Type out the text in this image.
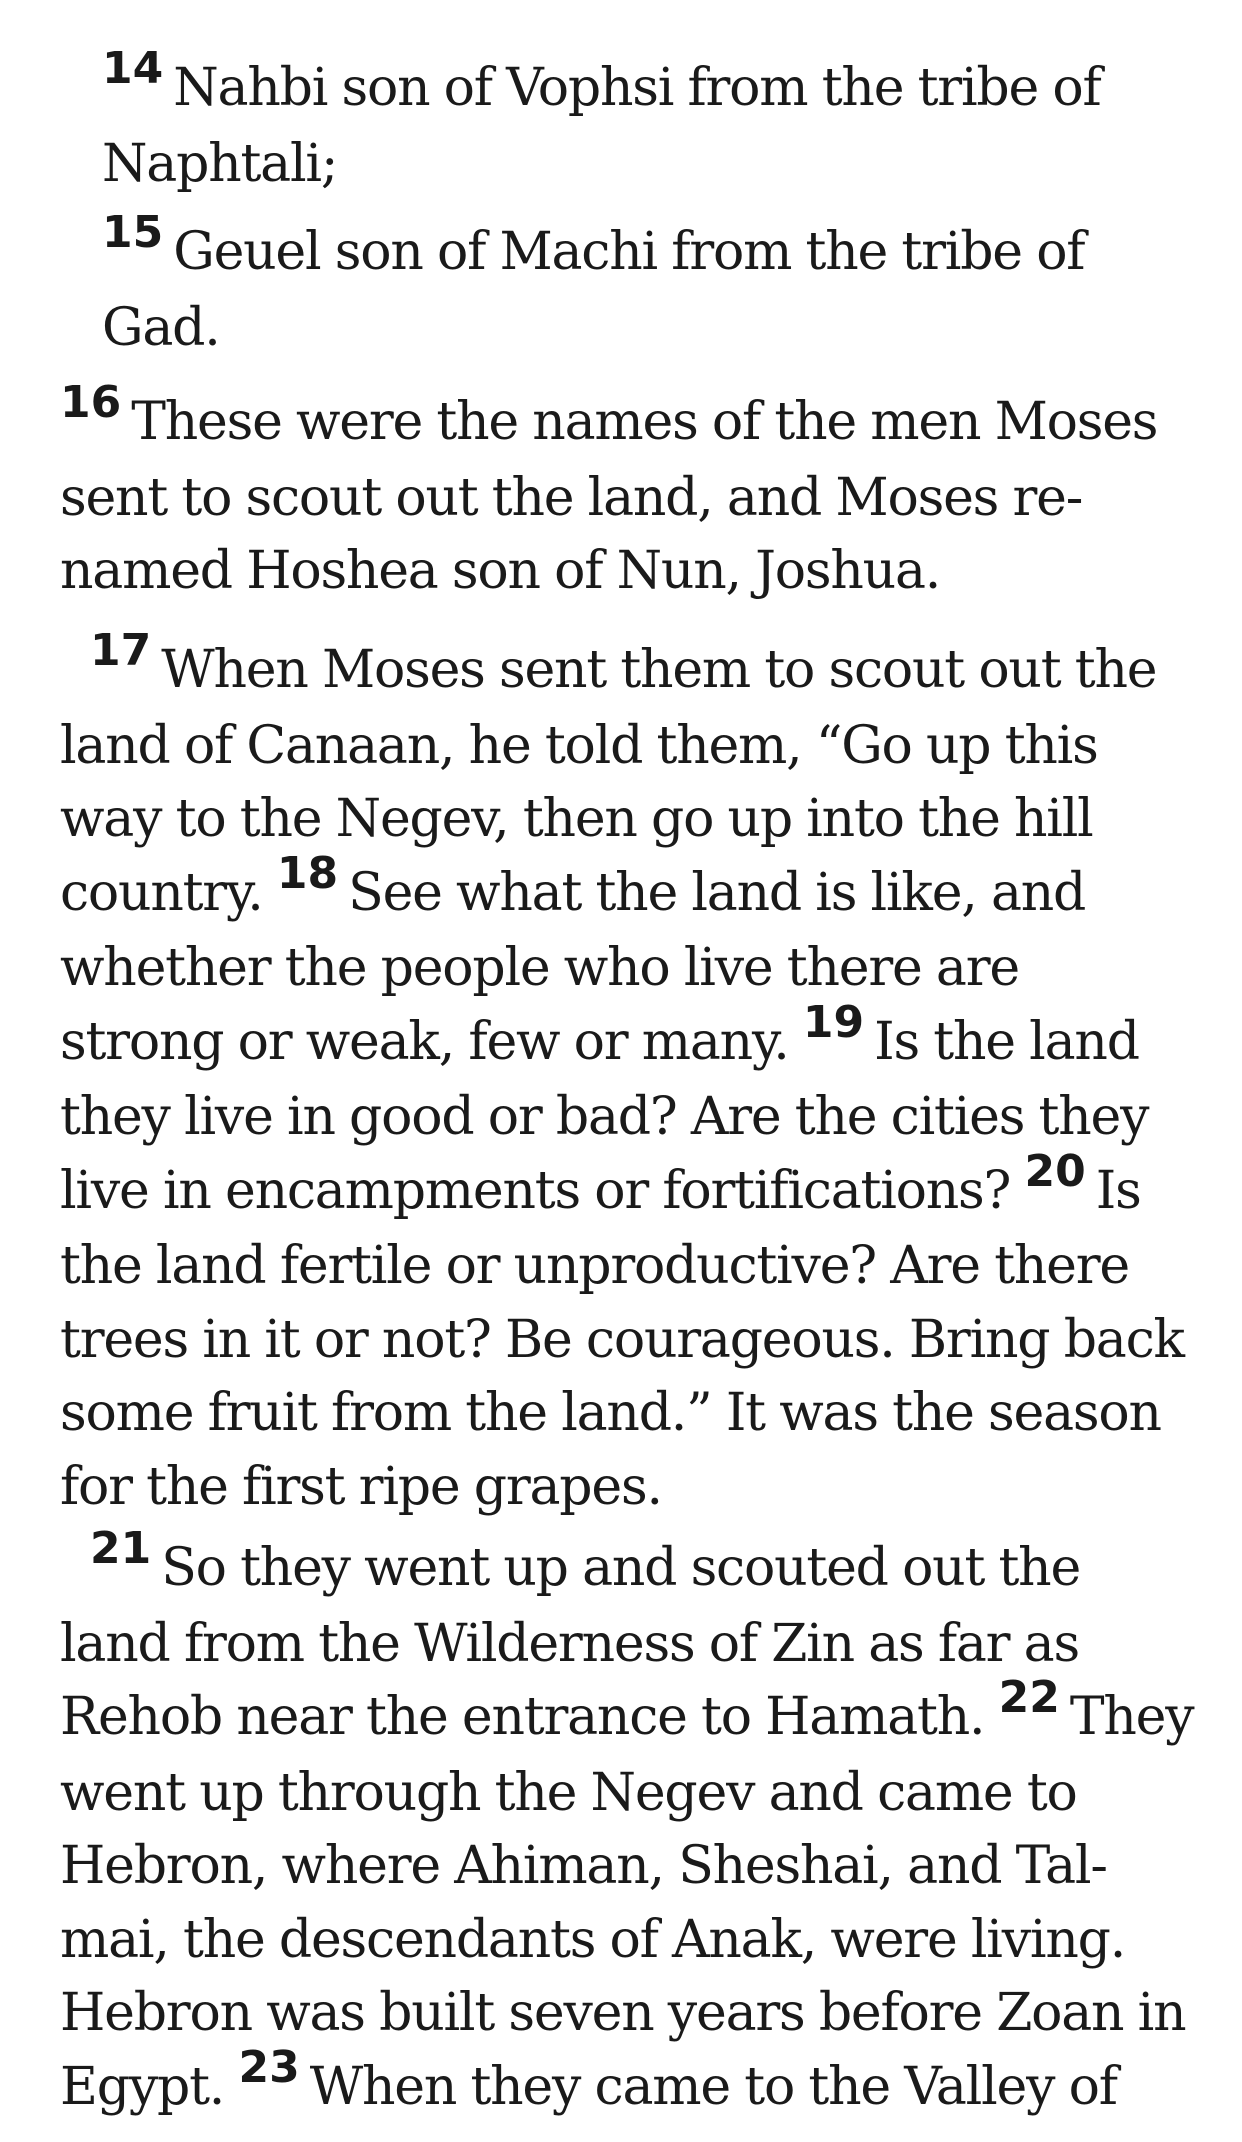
$^{14}$ Nahbi son of Vophsi from the tribe of Naphtali;

$^{15}$ Geuel son of Machi from the tribe of Gad.

$^{16}$ These were the names of the men Moses sent to scout out the land, and Moses renamed Hoshea son of Nun, Joshua.

$^{17}$ When Moses sent them to scout out the land of Canaan, he told them, “Go up this way to the Negev, then go up into the hill country. $^{18}$ See what the land is like, and whether the people who live there are strong or weak, few or many. $^{19}$ Is the land they live in good or bad? Are the cities they live in encampments or fortifications? $^{20}$ Is the land fertile or unproductive? Are there trees in it or not? Be courageous. Bring back some fruit from the land.” It was the season for the first ripe grapes.

$^{21}$ So they went up and scouted out the land from the Wilderness of Zin as far as Rehob near the entrance to Hamath. $^{22}$ They went up through the Negev and came to Hebron, where Ahiman, Sheshai, and Talmai, the descendants of Anak, were living. Hebron was built seven years before Zoan in Egypt. $^{23}$ When they came to the Valley of
